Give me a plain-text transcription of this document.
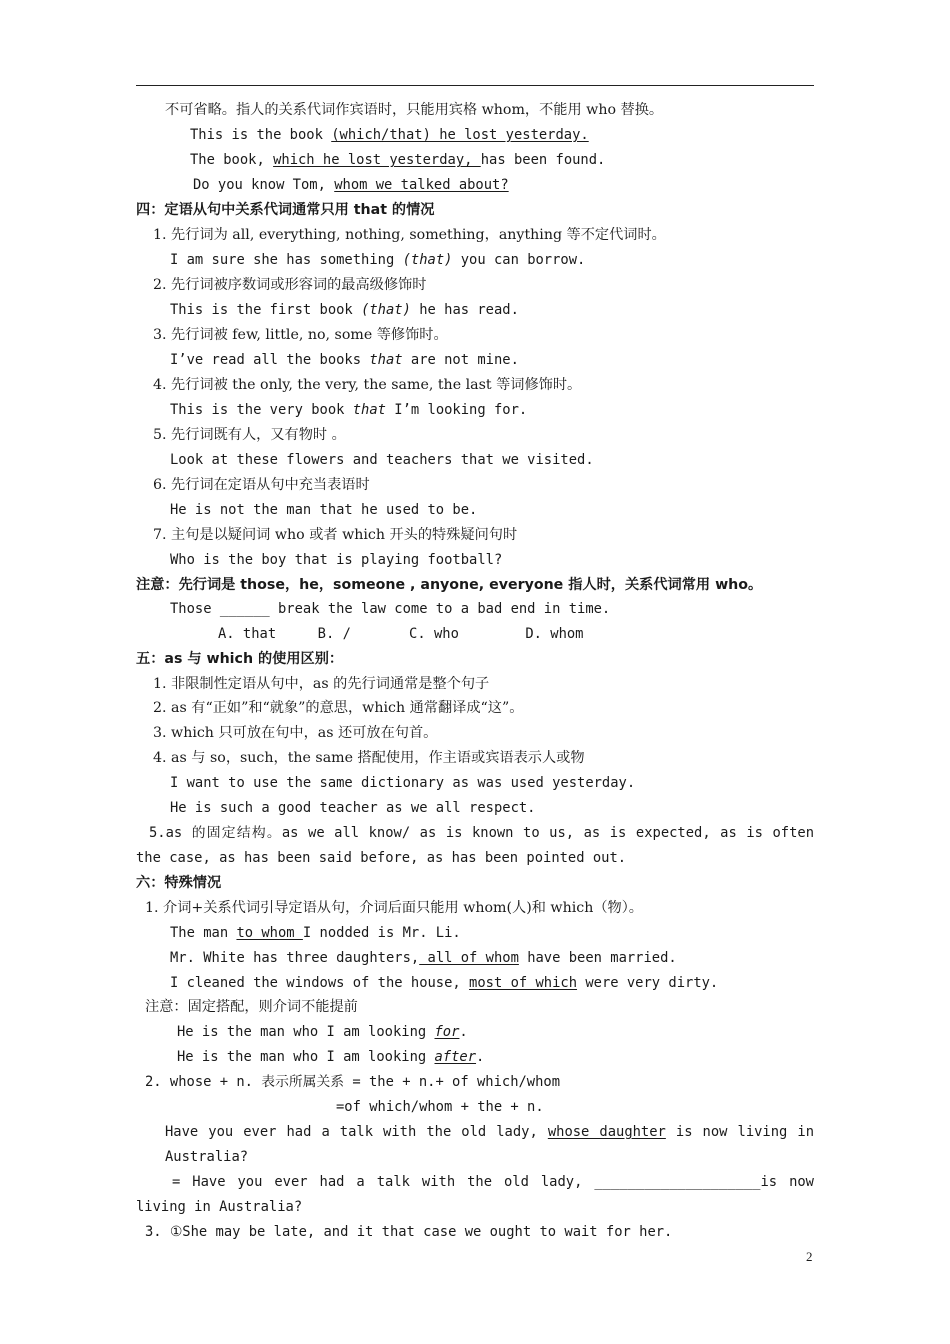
不可省略。指人的关系代词作宾语时，只能用宾格 whom，不能用 who 替换。
This is the book (which/that) he lost yesterday.
The book, which he lost yesterday, has been found.
Do you know Tom, whom we talked about?
四：定语从句中关系代词通常只用 that 的情况
1. 先行词为 all, everything, nothing, something，anything 等不定代词时。
I am sure she has something (that) you can borrow.
2. 先行词被序数词或形容词的最高级修饰时
This is the first book (that) he has read.
3. 先行词被 few, little, no, some 等修饰时。
I’ve read all the books that are not mine.
4. 先行词被 the only, the very, the same, the last 等词修饰时。
This is the very book that I’m looking for.
5. 先行词既有人，又有物时 。
Look at these flowers and teachers that we visited.
6. 先行词在定语从句中充当表语时
He is not the man that he used to be.
7. 主句是以疑问词 who 或者 which 开头的特殊疑问句时
Who is the boy that is playing football?
注意：先行词是 those，he，someone , anyone, everyone 指人时，关系代词常用 who。
Those ______ break the law come to a bad end in time.
A. that     B. /       C. who        D. whom
五：as 与 which 的使用区别：
1. 非限制性定语从句中，as 的先行词通常是整个句子
2. as 有“正如”和“就象”的意思，which 通常翻译成“这”。
3. which 只可放在句中，as 还可放在句首。
4. as 与 so，such，the same 搭配使用，作主语或宾语表示人或物
I want to use the same dictionary as was used yesterday.
He is such a good teacher as we all respect.
5.as 的固定结构。as we all know/ as is known to us, as is expected, as is often
the case, as has been said before, as has been pointed out.
六：特殊情况
1. 介词+关系代词引导定语从句，介词后面只能用 whom(人)和 which（物）。
The man to whom I nodded is Mr. Li.
Mr. White has three daughters, all of whom have been married.
I cleaned the windows of the house, most of which were very dirty.
注意：固定搭配，则介词不能提前
He is the man who I am looking for.
He is the man who I am looking after.
2. whose + n. 表示所属关系 = the + n.+ of which/whom
=of which/whom + the + n.
Have you ever had a talk with the old lady, whose daughter is now living in
Australia?
= Have you ever had a talk with the old lady, ____________________is now
living in Australia?
3. ①She may be late, and it that case we ought to wait for her.
2
